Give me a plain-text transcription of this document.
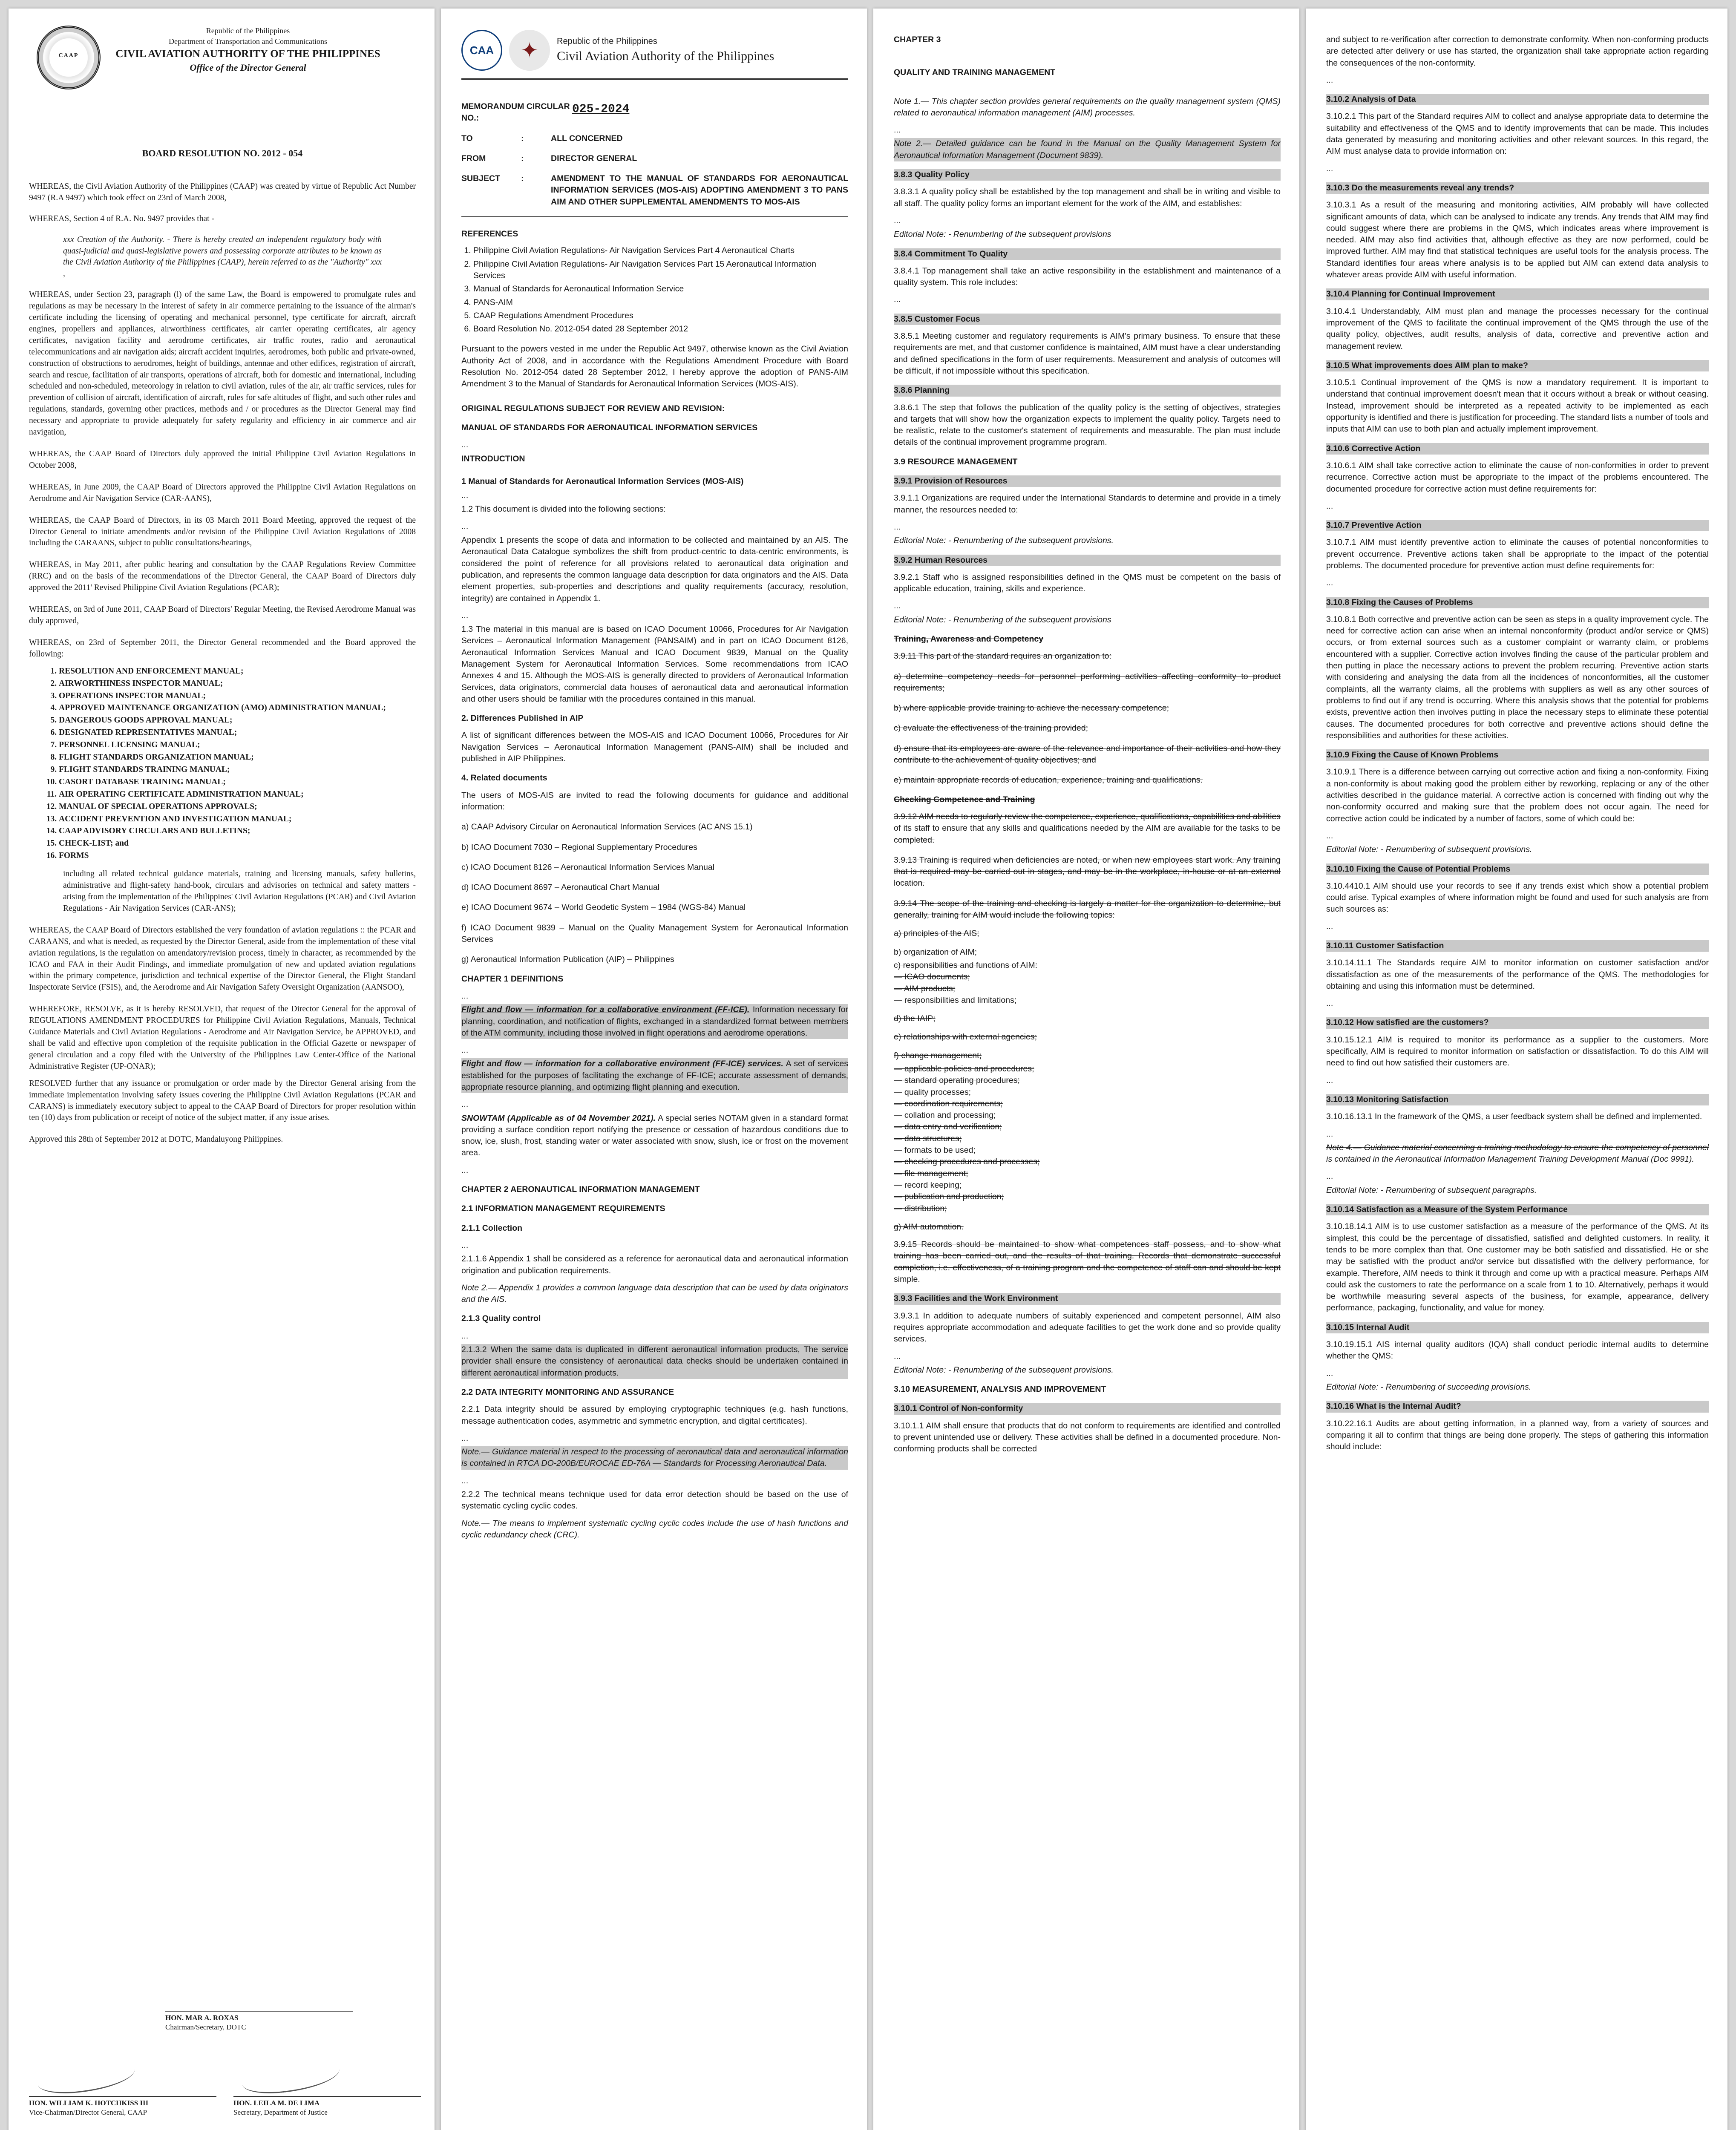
CAAP
Republic of the Philippines
Department of Transportation and Communications
CIVIL AVIATION AUTHORITY OF THE PHILIPPINES
Office of the Director General
BOARD RESOLUTION NO. 2012 - 054

WHEREAS, the Civil Aviation Authority of the Philippines (CAAP) was created by virtue of Republic Act Number 9497 (R.A 9497) which took effect on 23rd of March 2008,

WHEREAS, Section 4 of R.A. No. 9497 provides that -

xxx Creation of the Authority. - There is hereby created an independent regulatory body with quasi-judicial and quasi-legislative powers and possessing corporate attributes to be known as the Civil Aviation Authority of the Philippines (CAAP), herein referred to as the "Authority" xxx ,

WHEREAS, under Section 23, paragraph (l) of the same Law, the Board is empowered to promulgate rules and regulations as may be necessary in the interest of safety in air commerce pertaining to the issuance of the airman's certificate including the licensing of operating and mechanical personnel, type certificate for aircraft, aircraft engines, propellers and appliances, airworthiness certificates, air carrier operating certificates, air agency certificates, navigation facility and aerodrome certificates, air traffic routes, radio and aeronautical telecommunications and air navigation aids; aircraft accident inquiries, aerodromes, both public and private-owned, construction of obstructions to aerodromes, height of buildings, antennae and other edifices, registration of aircraft, search and rescue, facilitation of air transports, operations of aircraft, both for domestic and international, including scheduled and non-scheduled, meteorology in relation to civil aviation, rules of the air, air traffic services, rules for prevention of collision of aircraft, identification of aircraft, rules for safe altitudes of flight, and such other rules and regulations, standards, governing other practices, methods and / or procedures as the Director General may find necessary and appropriate to provide adequately for safety regularity and efficiency in air commerce and air navigation,

WHEREAS, the CAAP Board of Directors duly approved the initial Philippine Civil Aviation Regulations in October 2008,

WHEREAS, in June 2009, the CAAP Board of Directors approved the Philippine Civil Aviation Regulations on Aerodrome and Air Navigation Service (CAR-AANS),

WHEREAS, the CAAP Board of Directors, in its 03 March 2011 Board Meeting, approved the request of the Director General to initiate amendments and/or revision of the Philippine Civil Aviation Regulations of 2008 including the CARAANS, subject to public consultations/hearings,

WHEREAS, in May 2011, after public hearing and consultation by the CAAP Regulations Review Committee (RRC) and on the basis of the recommendations of the Director General, the CAAP Board of Directors duly approved the 2011' Revised Philippine Civil Aviation Regulations (PCAR);

WHEREAS, on 3rd of June 2011, CAAP Board of Directors' Regular Meeting, the Revised Aerodrome Manual was duly approved,

WHEREAS, on 23rd of September 2011, the Director General recommended and the Board approved the following:

1. RESOLUTION AND ENFORCEMENT MANUAL;
2. AIRWORTHINESS INSPECTOR MANUAL;
3. OPERATIONS INSPECTOR MANUAL;
4. APPROVED MAINTENANCE ORGANIZATION (AMO) ADMINISTRATION MANUAL;
5. DANGEROUS GOODS APPROVAL MANUAL;
6. DESIGNATED REPRESENTATIVES MANUAL;
7. PERSONNEL LICENSING MANUAL;
8. FLIGHT STANDARDS ORGANIZATION MANUAL;
9. FLIGHT STANDARDS TRAINING MANUAL;
10. CASORT DATABASE TRAINING MANUAL;
11. AIR OPERATING CERTIFICATE ADMINISTRATION MANUAL;
12. MANUAL OF SPECIAL OPERATIONS APPROVALS;
13. ACCIDENT PREVENTION AND INVESTIGATION MANUAL;
14. CAAP ADVISORY CIRCULARS AND BULLETINS;
15. CHECK-LIST; and
16. FORMS

including all related technical guidance materials, training and licensing manuals, safety bulletins, administrative and flight-safety hand-book, circulars and advisories on technical and safety matters - arising from the implementation of the Philippines' Civil Aviation Regulations (PCAR) and Civil Aviation Regulations - Air Navigation Services (CAR-ANS);

WHEREAS, the CAAP Board of Directors established the very foundation of aviation regulations :: the PCAR and CARAANS, and what is needed, as requested by the Director General, aside from the implementation of these vital aviation regulations, is the regulation on amendatory/revision process, timely in character, as recommended by the ICAO and FAA in their Audit Findings, and immediate promulgation of new and updated aviation regulations within the primary competence, jurisdiction and technical expertise of the Director General, the Flight Standard Inspectorate Service (FSIS), and, the Aerodrome and Air Navigation Safety Oversight Organization (AANSOO),

WHEREFORE, RESOLVE, as it is hereby RESOLVED, that request of the Director General for the approval of REGULATIONS AMENDMENT PROCEDURES for Philippine Civil Aviation Regulations, Manuals, Technical Guidance Materials and Civil Aviation Regulations - Aerodrome and Air Navigation Service, be APPROVED, and shall be valid and effective upon completion of the requisite publication in the Official Gazette or newspaper of general circulation and a copy filed with the University of the Philippines Law Center-Office of the National Administrative Register (UP-ONAR);

RESOLVED further that any issuance or promulgation or order made by the Director General arising from the immediate implementation involving safety issues covering the Philippine Civil Aviation Regulations (PCAR and CARANS) is immediately executory subject to appeal to the CAAP Board of Directors for proper resolution within ten (10) days from publication or receipt of notice of the subject matter, if any issue arises.

Approved this 28th of September 2012 at DOTC, Mandaluyong Philippines.

HON. MAR A. ROXAS
Chairman/Secretary, DOTC
HON. WILLIAM K. HOTCHKISS III
Vice-Chairman/Director General, CAAP
HON. LEILA M. DE LIMA
Secretary, Department of Justice
CAA	✦	Republic of the Philippines
Civil Aviation Authority of the Philippines
MEMORANDUM CIRCULAR NO.:
025-2024
TO	:	ALL CONCERNED
FROM	:	DIRECTOR GENERAL
SUBJECT	:	AMENDMENT TO THE MANUAL OF STANDARDS FOR AERONAUTICAL INFORMATION SERVICES (MOS-AIS) ADOPTING AMENDMENT 3 TO PANS AIM AND OTHER SUPPLEMENTAL AMENDMENTS TO MOS-AIS
REFERENCES
1. Philippine Civil Aviation Regulations- Air Navigation Services Part 4 Aeronautical Charts
2. Philippine Civil Aviation Regulations- Air Navigation Services Part 15 Aeronautical Information Services
3. Manual of Standards for Aeronautical Information Service
4. PANS-AIM
5. CAAP Regulations Amendment Procedures
6. Board Resolution No. 2012-054 dated 28 September 2012

Pursuant to the powers vested in me under the Republic Act 9497, otherwise known as the Civil Aviation Authority Act of 2008, and in accordance with the Regulations Amendment Procedure with Board Resolution No. 2012-054 dated 28 September 2012, I hereby approve the adoption of PANS-AIM Amendment 3 to the Manual of Standards for Aeronautical Information Services (MOS-AIS).

ORIGINAL REGULATIONS SUBJECT FOR REVIEW AND REVISION:
MANUAL OF STANDARDS FOR AERONAUTICAL INFORMATION SERVICES
...
INTRODUCTION
1 Manual of Standards for Aeronautical Information Services (MOS-AIS)
...

1.2 This document is divided into the following sections:

...

Appendix 1 presents the scope of data and information to be collected and maintained by an AIS. The Aeronautical Data Catalogue symbolizes the shift from product-centric to data-centric environments, is considered the point of reference for all provisions related to aeronautical data origination and publication, and represents the common language data description for data originators and the AIS. Data element properties, sub-properties and descriptions and quality requirements (accuracy, resolution, integrity) are contained in Appendix 1.

...

1.3 The material in this manual are is based on ICAO Document 10066, Procedures for Air Navigation Services – Aeronautical Information Management (PANSAIM) and in part on ICAO Document 8126, Aeronautical Information Services Manual and ICAO Document 9839, Manual on the Quality Management System for Aeronautical Information Services. Some recommendations from ICAO Annexes 4 and 15. Although the MOS-AIS is generally directed to providers of Aeronautical Information Services, data originators, commercial data houses of aeronautical data and aeronautical information and other users should be familiar with the procedures contained in this manual.

2. Differences Published in AIP

A list of significant differences between the MOS-AIS and ICAO Document 10066, Procedures for Air Navigation Services – Aeronautical Information Management (PANS-AIM) shall be included and published in AIP Philippines.

4. Related documents

The users of MOS-AIS are invited to read the following documents for guidance and additional information:

a) CAAP Advisory Circular on Aeronautical Information Services (AC ANS 15.1)

b) ICAO Document 7030 – Regional Supplementary Procedures

c) ICAO Document 8126 – Aeronautical Information Services Manual

d) ICAO Document 8697 – Aeronautical Chart Manual

e) ICAO Document 9674 – World Geodetic System – 1984 (WGS-84) Manual

f) ICAO Document 9839 – Manual on the Quality Management System for Aeronautical Information Services

g) Aeronautical Information Publication (AIP) – Philippines

CHAPTER 1 DEFINITIONS
...

Flight and flow — information for a collaborative environment (FF-ICE). Information necessary for planning, coordination, and notification of flights, exchanged in a standardized format between members of the ATM community, including those involved in flight operations and aerodrome operations.

...

Flight and flow — information for a collaborative environment (FF-ICE) services. A set of services established for the purposes of facilitating the exchange of FF-ICE; accurate assessment of demands, appropriate resource planning, and optimizing flight planning and execution.

...

SNOWTAM (Applicable as of 04 November 2021). A special series NOTAM given in a standard format providing a surface condition report notifying the presence or cessation of hazardous conditions due to snow, ice, slush, frost, standing water or water associated with snow, slush, ice or frost on the movement area.

...
CHAPTER 2 AERONAUTICAL INFORMATION MANAGEMENT
2.1 INFORMATION MANAGEMENT REQUIREMENTS
2.1.1 Collection
...

2.1.1.6 Appendix 1 shall be considered as a reference for aeronautical data and aeronautical information origination and publication requirements.

Note 2.— Appendix 1 provides a common language data description that can be used by data originators and the AIS.

2.1.3 Quality control
...

2.1.3.2 When the same data is duplicated in different aeronautical information products, The service provider shall ensure the consistency of aeronautical data checks should be undertaken contained in different aeronautical information products.

2.2 DATA INTEGRITY MONITORING AND ASSURANCE

2.2.1 Data integrity should be assured by employing cryptographic techniques (e.g. hash functions, message authentication codes, asymmetric and symmetric encryption, and digital certificates).

...

Note.— Guidance material in respect to the processing of aeronautical data and aeronautical information is contained in RTCA DO-200B/EUROCAE ED-76A — Standards for Processing Aeronautical Data.

...

2.2.2 The technical means technique used for data error detection should be based on the use of systematic cycling cyclic codes.

Note.— The means to implement systematic cycling cyclic codes include the use of hash functions and cyclic redundancy check (CRC).

CHAPTER 3
QUALITY AND TRAINING MANAGEMENT

Note 1.— This chapter section provides general requirements on the quality management system (QMS) related to aeronautical information management (AIM) processes.

...

Note 2.— Detailed guidance can be found in the Manual on the Quality Management System for Aeronautical Information Management (Document 9839).

3.8.3 Quality Policy

3.8.3.1 A quality policy shall be established by the top management and shall be in writing and visible to all staff. The quality policy forms an important element for the work of the AIM, and establishes:

...

Editorial Note: - Renumbering of the subsequent provisions

3.8.4 Commitment To Quality

3.8.4.1 Top management shall take an active responsibility in the establishment and maintenance of a quality system. This role includes:

...
3.8.5 Customer Focus

3.8.5.1 Meeting customer and regulatory requirements is AIM's primary business. To ensure that these requirements are met, and that customer confidence is maintained, AIM must have a clear understanding and defined specifications in the form of user requirements. Measurement and analysis of outcomes will be difficult, if not impossible without this specification.

3.8.6 Planning

3.8.6.1 The step that follows the publication of the quality policy is the setting of objectives, strategies and targets that will show how the organization expects to implement the quality policy. Targets need to be realistic, relate to the customer's statement of requirements and measurable. The plan must include details of the continual improvement programme program.

3.9 RESOURCE MANAGEMENT
3.9.1 Provision of Resources

3.9.1.1 Organizations are required under the International Standards to determine and provide in a timely manner, the resources needed to:

...

Editorial Note: - Renumbering of the subsequent provisions.

3.9.2 Human Resources

3.9.2.1 Staff who is assigned responsibilities defined in the QMS must be competent on the basis of applicable education, training, skills and experience.

...

Editorial Note: - Renumbering of the subsequent provisions

Training, Awareness and Competency

3.9.11 This part of the standard requires an organization to:

a) determine competency needs for personnel performing activities affecting conformity to product requirements;

b) where applicable provide training to achieve the necessary competence;

c) evaluate the effectiveness of the training provided;

d) ensure that its employees are aware of the relevance and importance of their activities and how they contribute to the achievement of quality objectives; and

e) maintain appropriate records of education, experience, training and qualifications.

Checking Competence and Training

3.9.12 AIM needs to regularly review the competence, experience, qualifications, capabilities and abilities of its staff to ensure that any skills and qualifications needed by the AIM are available for the tasks to be completed.

3.9.13 Training is required when deficiencies are noted, or when new employees start work. Any training that is required may be carried out in stages, and may be in the workplace, in-house or at an external location.

3.9.14 The scope of the training and checking is largely a matter for the organization to determine, but generally, training for AIM would include the following topics:

a) principles of the AIS;
b) organization of AIM;
c) responsibilities and functions of AIM:
— ICAO documents;
— AIM products;
— responsibilities and limitations;
d) the IAIP;
e) relationships with external agencies;
f) change management;
— applicable policies and procedures;
— standard operating procedures;
— quality processes;
— coordination requirements;
— collation and processing;
— data entry and verification;
— data structures;
— formats to be used;
— checking procedures and processes;
— file management;
— record keeping;
— publication and production;
— distribution;
g) AIM automation.

3.9.15 Records should be maintained to show what competences staff possess, and to show what training has been carried out, and the results of that training. Records that demonstrate successful completion, i.e. effectiveness, of a training program and the competence of staff can and should be kept simple.

3.9.3 Facilities and the Work Environment

3.9.3.1 In addition to adequate numbers of suitably experienced and competent personnel, AIM also requires appropriate accommodation and adequate facilities to get the work done and so provide quality services.

...

Editorial Note: - Renumbering of the subsequent provisions.

3.10 MEASUREMENT, ANALYSIS AND IMPROVEMENT
3.10.1 Control of Non-conformity

3.10.1.1 AIM shall ensure that products that do not conform to requirements are identified and controlled to prevent unintended use or delivery. These activities shall be defined in a documented procedure. Non-conforming products shall be corrected

and subject to re-verification after correction to demonstrate conformity. When non-conforming products are detected after delivery or use has started, the organization shall take appropriate action regarding the consequences of the non-conformity.

...
3.10.2 Analysis of Data

3.10.2.1 This part of the Standard requires AIM to collect and analyse appropriate data to determine the suitability and effectiveness of the QMS and to identify improvements that can be made. This includes data generated by measuring and monitoring activities and other relevant sources. In this regard, the AIM must analyse data to provide information on:

...
3.10.3 Do the measurements reveal any trends?

3.10.3.1 As a result of the measuring and monitoring activities, AIM probably will have collected significant amounts of data, which can be analysed to indicate any trends. Any trends that AIM may find could suggest where there are problems in the QMS, which indicates areas where improvement is needed. AIM may also find activities that, although effective as they are now performed, could be improved further. AIM may find that statistical techniques are useful tools for the analysis process. The Standard identifies four areas where analysis is to be applied but AIM can extend data analysis to whatever areas provide AIM with useful information.

3.10.4 Planning for Continual Improvement

3.10.4.1 Understandably, AIM must plan and manage the processes necessary for the continual improvement of the QMS to facilitate the continual improvement of the QMS through the use of the quality policy, objectives, audit results, analysis of data, corrective and preventive action and management review.

3.10.5 What improvements does AIM plan to make?

3.10.5.1 Continual improvement of the QMS is now a mandatory requirement. It is important to understand that continual improvement doesn't mean that it occurs without a break or without ceasing. Instead, improvement should be interpreted as a repeated activity to be implemented as each opportunity is identified and there is justification for proceeding. The standard lists a number of tools and inputs that AIM can use to both plan and actually implement improvement.

3.10.6 Corrective Action

3.10.6.1 AIM shall take corrective action to eliminate the cause of non-conformities in order to prevent recurrence. Corrective action must be appropriate to the impact of the problems encountered. The documented procedure for corrective action must define requirements for:

...
3.10.7 Preventive Action

3.10.7.1 AIM must identify preventive action to eliminate the causes of potential nonconformities to prevent occurrence. Preventive actions taken shall be appropriate to the impact of the potential problems. The documented procedure for preventive action must define requirements for:

...
3.10.8 Fixing the Causes of Problems

3.10.8.1 Both corrective and preventive action can be seen as steps in a quality improvement cycle. The need for corrective action can arise when an internal nonconformity (product and/or service or QMS) occurs, or from external sources such as a customer complaint or warranty claim, or problems encountered with a supplier. Corrective action involves finding the cause of the particular problem and then putting in place the necessary actions to prevent the problem recurring. Preventive action starts with considering and analysing the data from all the incidences of nonconformities, all the customer complaints, all the warranty claims, all the problems with suppliers as well as any other sources of problems to find out if any trend is occurring. Where this analysis shows that the potential for problems exists, preventive action then involves putting in place the necessary steps to eliminate these potential causes. The documented procedures for both corrective and preventive actions should define the responsibilities and authorities for these activities.

3.10.9 Fixing the Cause of Known Problems

3.10.9.1 There is a difference between carrying out corrective action and fixing a non-conformity. Fixing a non-conformity is about making good the problem either by reworking, replacing or any of the other activities described in the guidance material. A corrective action is concerned with finding out why the non-conformity occurred and making sure that the problem does not occur again. The need for corrective action could be indicated by a number of factors, some of which could be:

...

Editorial Note: - Renumbering of subsequent provisions.

3.10.10 Fixing the Cause of Potential Problems

3.10.4410.1 AIM should use your records to see if any trends exist which show a potential problem could arise. Typical examples of where information might be found and used for such analysis are from such sources as:

...
3.10.11 Customer Satisfaction

3.10.14.11.1 The Standards require AIM to monitor information on customer satisfaction and/or dissatisfaction as one of the measurements of the performance of the QMS. The methodologies for obtaining and using this information must be determined.

...
3.10.12 How satisfied are the customers?

3.10.15.12.1 AIM is required to monitor its performance as a supplier to the customers. More specifically, AIM is required to monitor information on satisfaction or dissatisfaction. To do this AIM will need to find out how satisfied their customers are.

...
3.10.13 Monitoring Satisfaction

3.10.16.13.1 In the framework of the QMS, a user feedback system shall be defined and implemented.

...

Note 4.— Guidance material concerning a training methodology to ensure the competency of personnel is contained in the Aeronautical Information Management Training Development Manual (Doc 9991).

...

Editorial Note: - Renumbering of subsequent paragraphs.

3.10.14 Satisfaction as a Measure of the System Performance

3.10.18.14.1 AIM is to use customer satisfaction as a measure of the performance of the QMS. At its simplest, this could be the percentage of dissatisfied, satisfied and delighted customers. In reality, it tends to be more complex than that. One customer may be both satisfied and dissatisfied. He or she may be satisfied with the product and/or service but dissatisfied with the delivery performance, for example. Therefore, AIM needs to think it through and come up with a practical measure. Perhaps AIM could ask the customers to rate the performance on a scale from 1 to 10. Alternatively, perhaps it would be worthwhile measuring several aspects of the business, for example, appearance, delivery performance, packaging, functionality, and value for money.

3.10.15 Internal Audit

3.10.19.15.1 AIS internal quality auditors (IQA) shall conduct periodic internal audits to determine whether the QMS:

...

Editorial Note: - Renumbering of succeeding provisions.

3.10.16 What is the Internal Audit?

3.10.22.16.1 Audits are about getting information, in a planned way, from a variety of sources and comparing it all to confirm that things are being done properly. The steps of gathering this information should include:
